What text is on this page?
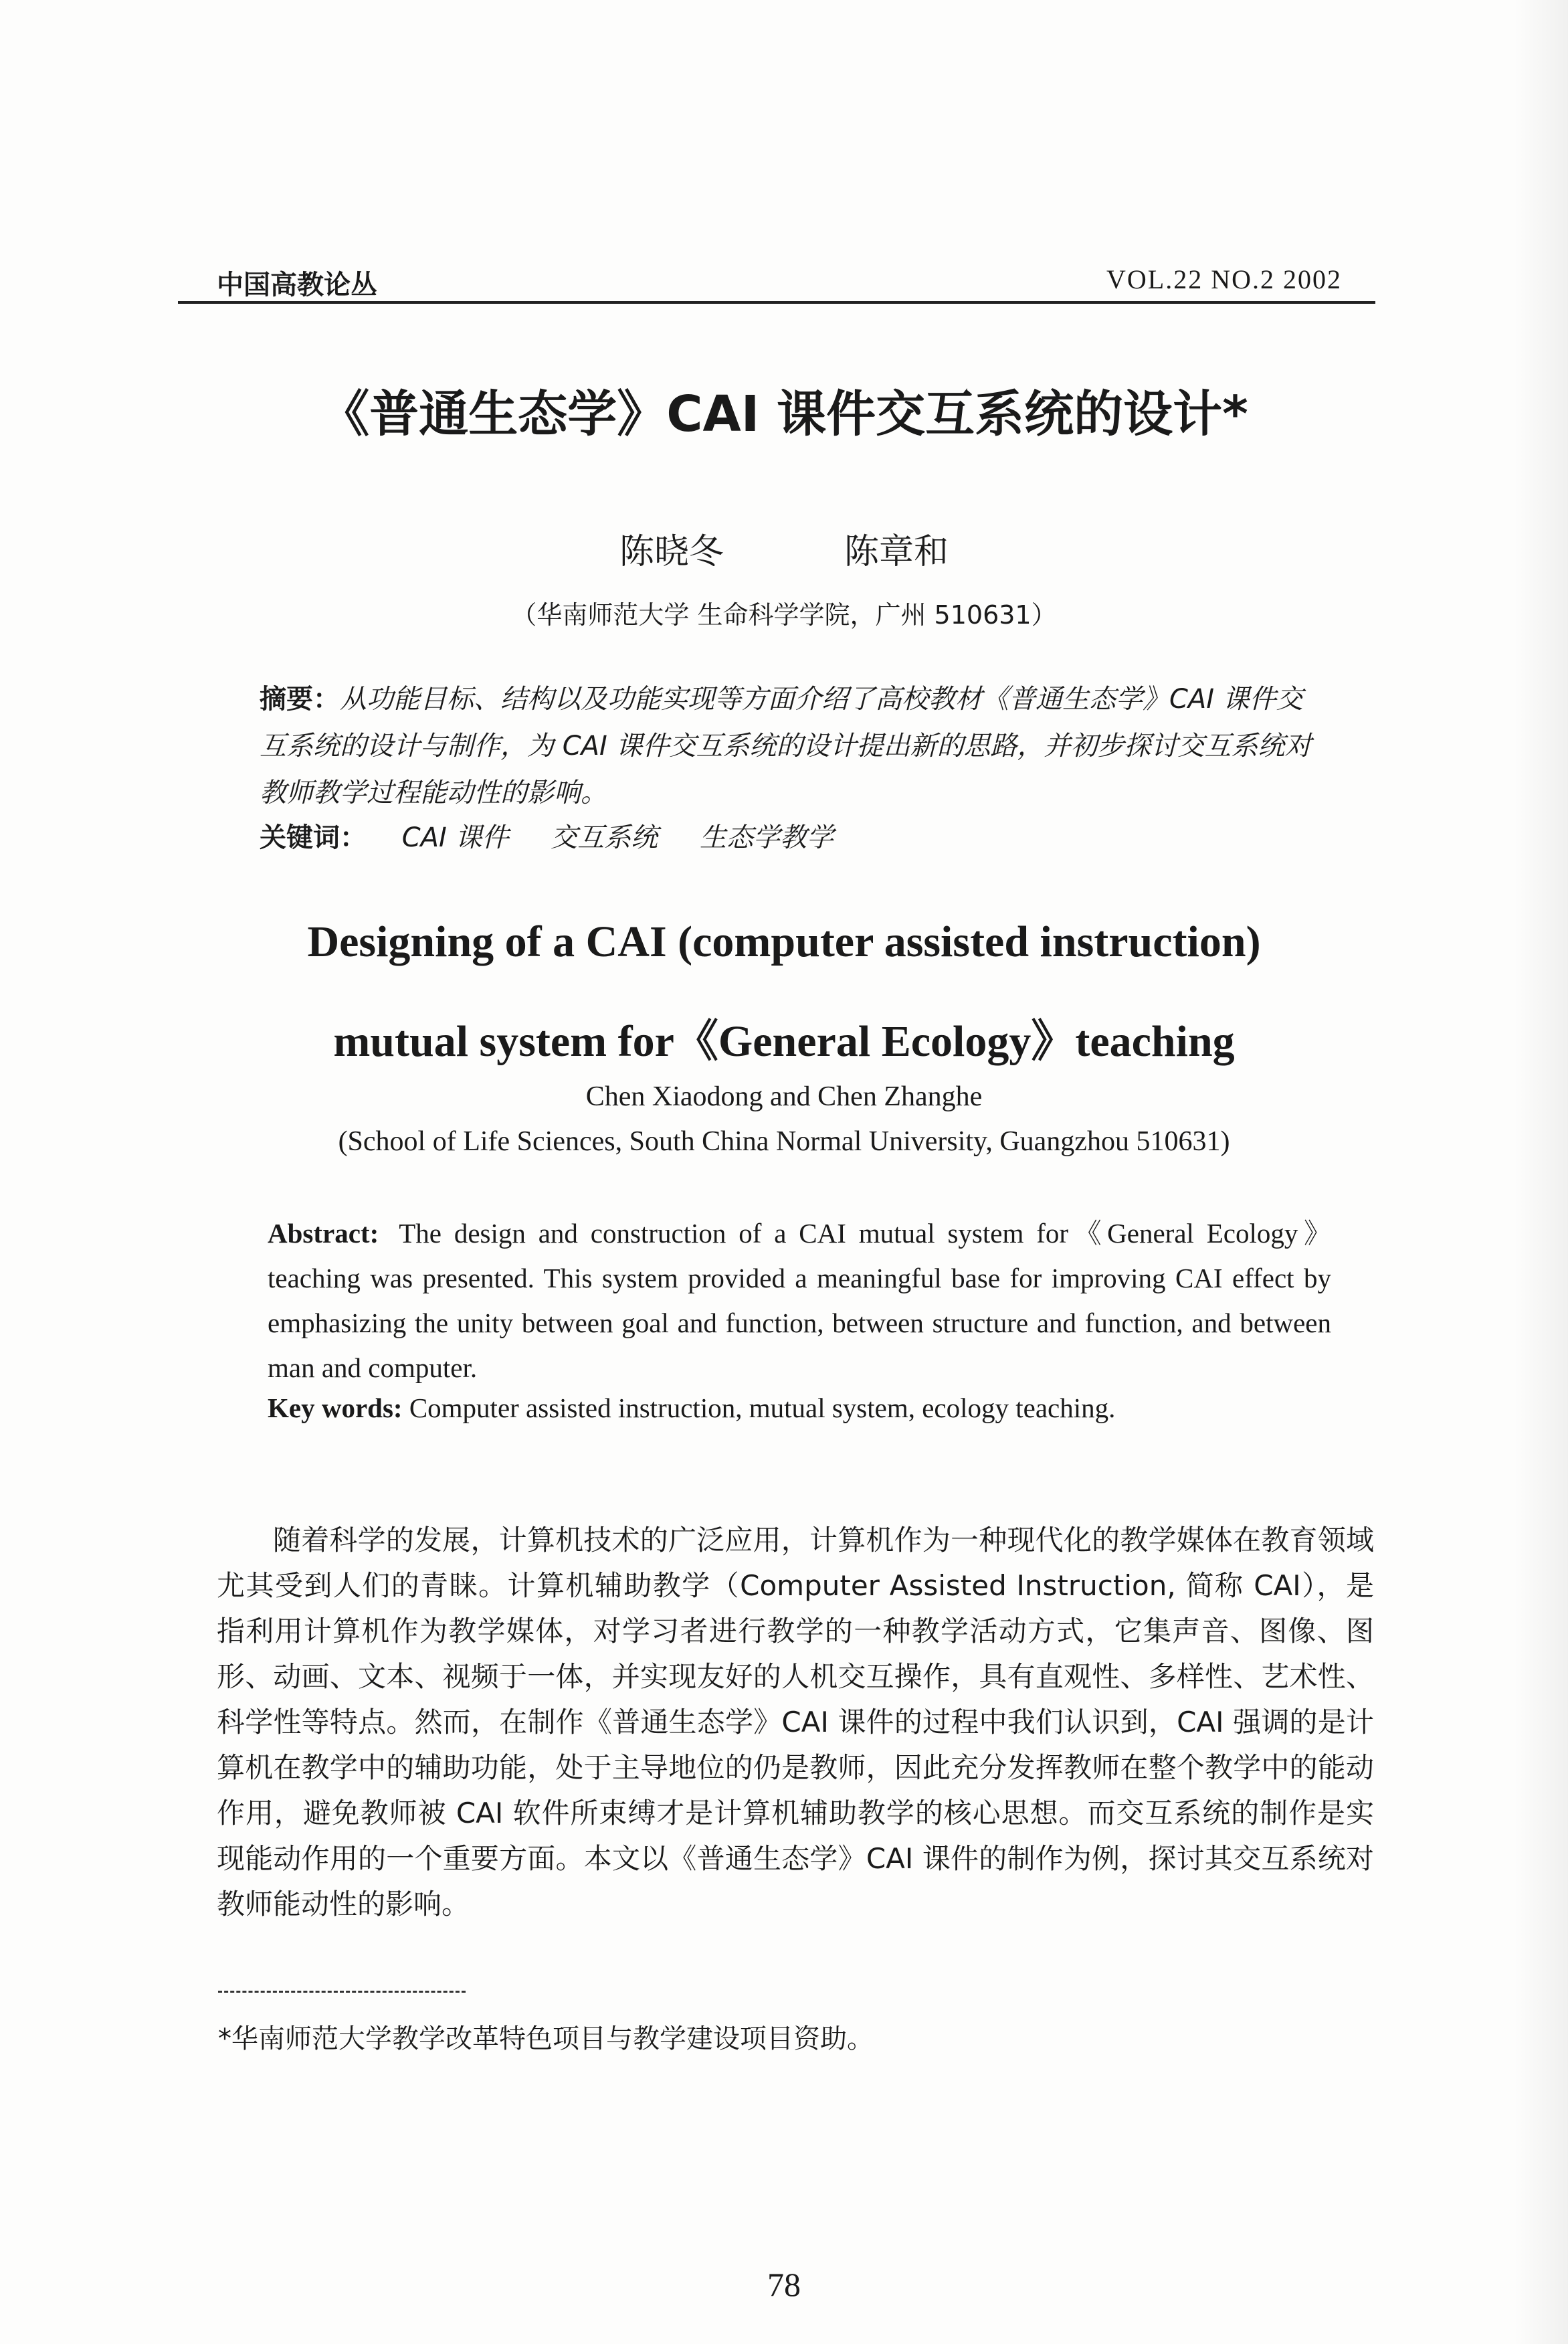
中国高教论丛	VOL.22 NO.2 2002
《普通生态学》CAI 课件交互系统的设计*
陈晓冬	陈章和
（华南师范大学 生命科学学院，广州 510631）
摘要：从功能目标、结构以及功能实现等方面介绍了高校教材《普通生态学》CAI 课件交互系统的设计与制作，为 CAI 课件交互系统的设计提出新的思路，并初步探讨交互系统对教师教学过程能动性的影响。
关键词： CAI 课件 交互系统 生态学教学
Designing of a CAI (computer assisted instruction)
mutual system for《General Ecology》teaching
Chen Xiaodong and Chen Zhanghe
(School of Life Sciences, South China Normal University, Guangzhou 510631)
Abstract: The design and construction of a CAI mutual system for《General Ecology》teaching was presented. This system provided a meaningful base for improving CAI effect by emphasizing the unity between goal and function, between structure and function, and between man and computer.
Key words: Computer assisted instruction, mutual system, ecology teaching.
随着科学的发展，计算机技术的广泛应用，计算机作为一种现代化的教学媒体在教育领域尤其受到人们的青睐。计算机辅助教学（Computer Assisted Instruction, 简称 CAI），是指利用计算机作为教学媒体，对学习者进行教学的一种教学活动方式，它集声音、图像、图形、动画、文本、视频于一体，并实现友好的人机交互操作，具有直观性、多样性、艺术性、科学性等特点。然而，在制作《普通生态学》CAI 课件的过程中我们认识到，CAI 强调的是计算机在教学中的辅助功能，处于主导地位的仍是教师，因此充分发挥教师在整个教学中的能动作用，避免教师被 CAI 软件所束缚才是计算机辅助教学的核心思想。而交互系统的制作是实现能动作用的一个重要方面。本文以《普通生态学》CAI 课件的制作为例，探讨其交互系统对教师能动性的影响。
*华南师范大学教学改革特色项目与教学建设项目资助。
78
